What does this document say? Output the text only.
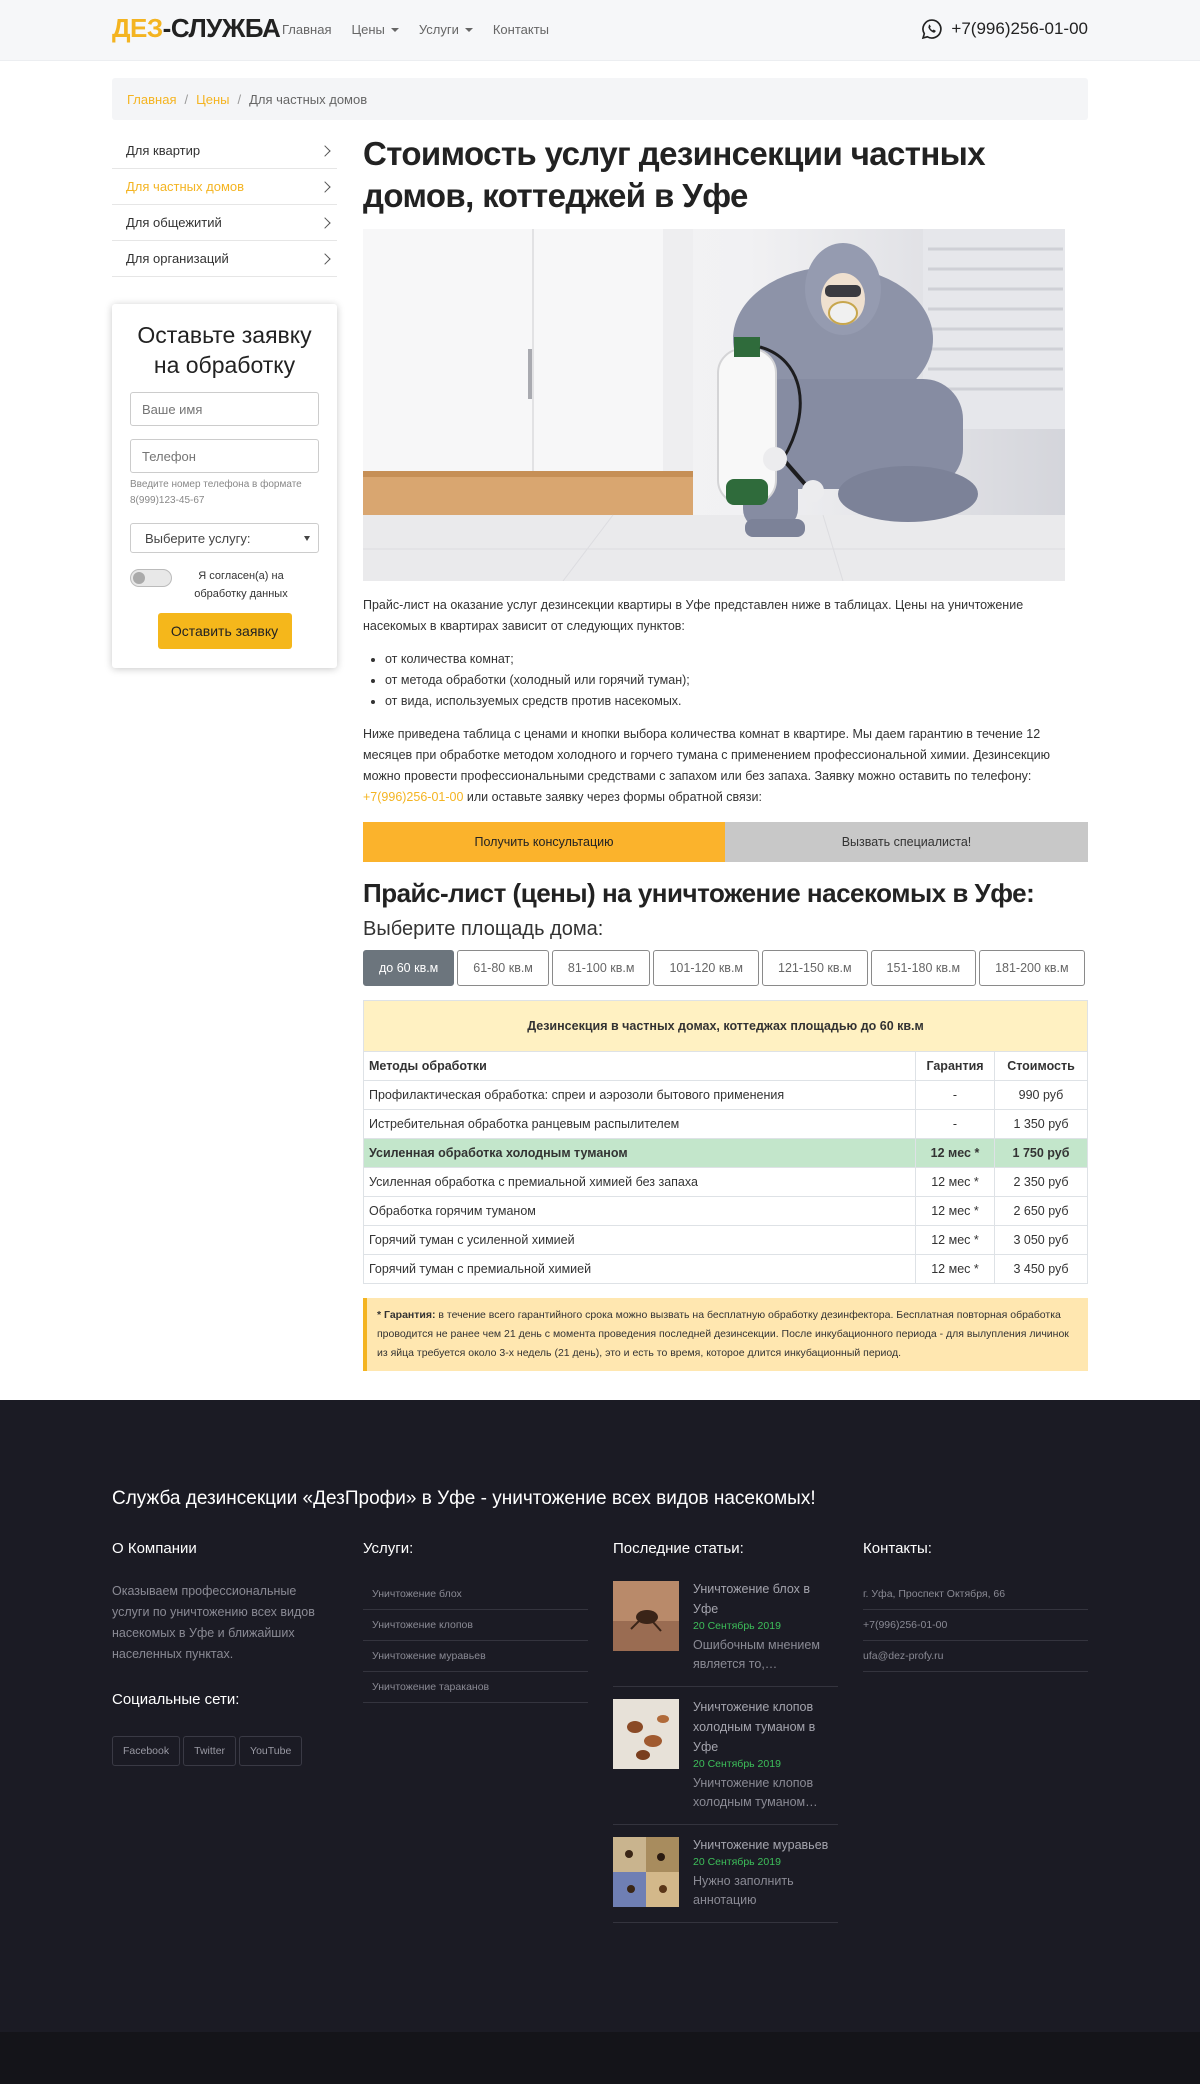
ДЕЗ-СЛУЖБА Главная Цены	Услуги	Контакты	+7(996)256-01-00
Главная / Цены / Для частных домов
Для квартир
Для частных домов
Для общежитий
Для организаций
Оставьте заявку на обработку
Ваше имя Телефон
Введите номер телефона в формате 8(999)123-45-67
Выберите услугу:
Я согласен(а) на обработку данных
Оставить заявку
Стоимость услуг дезинсекции частных домов, коттеджей в Уфе

Прайс-лист на оказание услуг дезинсекции квартиры в Уфе представлен ниже в таблицах. Цены на уничтожение насекомых в квартирах зависит от следующих пунктов:

• от количества комнат;
• от метода обработки (холодный или горячий туман);
• от вида, используемых средств против насекомых.

Ниже приведена таблица с ценами и кнопки выбора количества комнат в квартире. Мы даем гарантию в течение 12 месяцев при обработке методом холодного и горчего тумана с применением профессиональной химии. Дезинсекцию можно провести профессиональными средствами с запахом или без запаха. Заявку можно оставить по телефону: +7(996)256-01-00 или оставьте заявку через формы обратной связи:

Получить консультацию	Вызвать специалиста!
Прайс-лист (цены) на уничтожение насекомых в Уфе:
Выберите площадь дома:
до 60 кв.м	61-80 кв.м	81-100 кв.м	101-120 кв.м	121-150 кв.м	151-180 кв.м	181-200 кв.м
Дезинсекция в частных домах, коттеджах площадью до 60 кв.м		
Методы обработки	Гарантия	Стоимость
Профилактическая обработка: спреи и аэрозоли бытового применения	-	990 руб
Истребительная обработка ранцевым распылителем	-	1 350 руб
Усиленная обработка холодным туманом	12 мес *	1 750 руб
Усиленная обработка с премиальной химией без запаха	12 мес *	2 350 руб
Обработка горячим туманом	12 мес *	2 650 руб
Горячий туман с усиленной химией	12 мес *	3 050 руб
Горячий туман с премиальной химией	12 мес *	3 450 руб
* Гарантия: в течение всего гарантийного срока можно вызвать на бесплатную обработку дезинфектора. Бесплатная повторная обработка проводится не ранее чем 21 день с момента проведения последней дезинсекции. После инкубационного периода - для вылупления личинок из яйца требуется около 3-х недель (21 день), это и есть то время, которое длится инкубационный период.
Служба дезинсекции «ДезПрофи» в Уфе - уничтожение всех видов насекомых!
О Компании
Оказываем профессиональные услуги по уничтожению всех видов насекомых в Уфе и ближайших населенных пунктах.
Социальные сети:
Facebook	Twitter	YouTube
Услуги:
Уничтожение блох
Уничтожение клопов
Уничтожение муравьев
Уничтожение тараканов
Последние статьи:
Уничтожение блох в Уфе
20 Сентябрь 2019
Ошибочным мнением является то,…
Уничтожение клопов холодным туманом в Уфе
20 Сентябрь 2019
Уничтожение клопов холодным туманом…
Уничтожение муравьев
20 Сентябрь 2019
Нужно заполнить аннотацию
Контакты:
г. Уфа, Проспект Октября, 66
+7(996)256-01-00
ufa@dez-profy.ru
